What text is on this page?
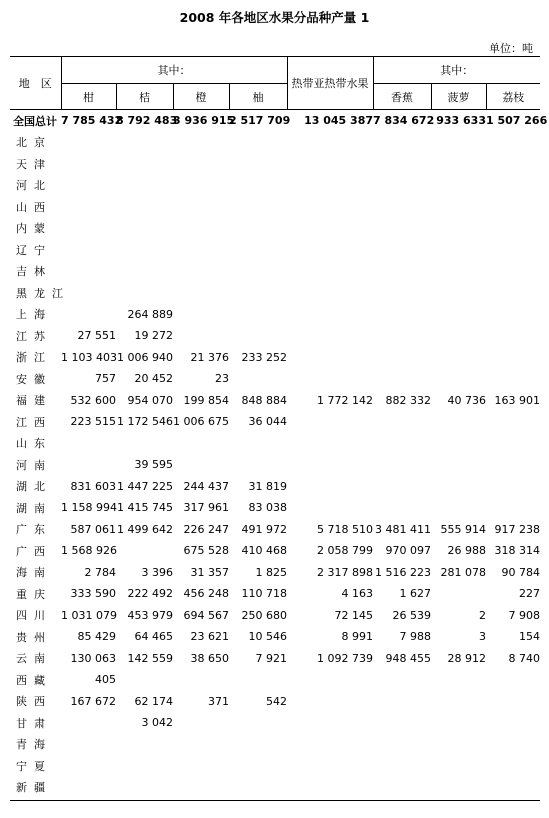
2008 年各地区水果分品种产量 1
单位：吨
地　区	其中：				热带亚热带水果	其中：		
	柑	桔	橙	柚		香蕉	菠萝	荔枝
全国总计	7 785 432	8 792 483	3 936 915	2 517 709	13 045 387	7 834 672	933 633	1 507 266
北京								
天津								
河北								
山西								
内蒙								
辽宁								
吉林								
黑龙江								
上海		264 889						
江苏	27 551	19 272						
浙江	1 103 403	1 006 940	21 376	233 252				
安徽	757	20 452	23					
福建	532 600	954 070	199 854	848 884	1 772 142	882 332	40 736	163 901
江西	223 515	1 172 546	1 006 675	36 044				
山东								
河南		39 595						
湖北	831 603	1 447 225	244 437	31 819				
湖南	1 158 994	1 415 745	317 961	83 038				
广东	587 061	1 499 642	226 247	491 972	5 718 510	3 481 411	555 914	917 238
广西	1 568 926		675 528	410 468	2 058 799	970 097	26 988	318 314
海南	2 784	3 396	31 357	1 825	2 317 898	1 516 223	281 078	90 784
重庆	333 590	222 492	456 248	110 718	4 163	1 627		227
四川	1 031 079	453 979	694 567	250 680	72 145	26 539	2	7 908
贵州	85 429	64 465	23 621	10 546	8 991	7 988	3	154
云南	130 063	142 559	38 650	7 921	1 092 739	948 455	28 912	8 740
西藏	405							
陕西	167 672	62 174	371	542				
甘肃		3 042						
青海								
宁夏								
新疆								
